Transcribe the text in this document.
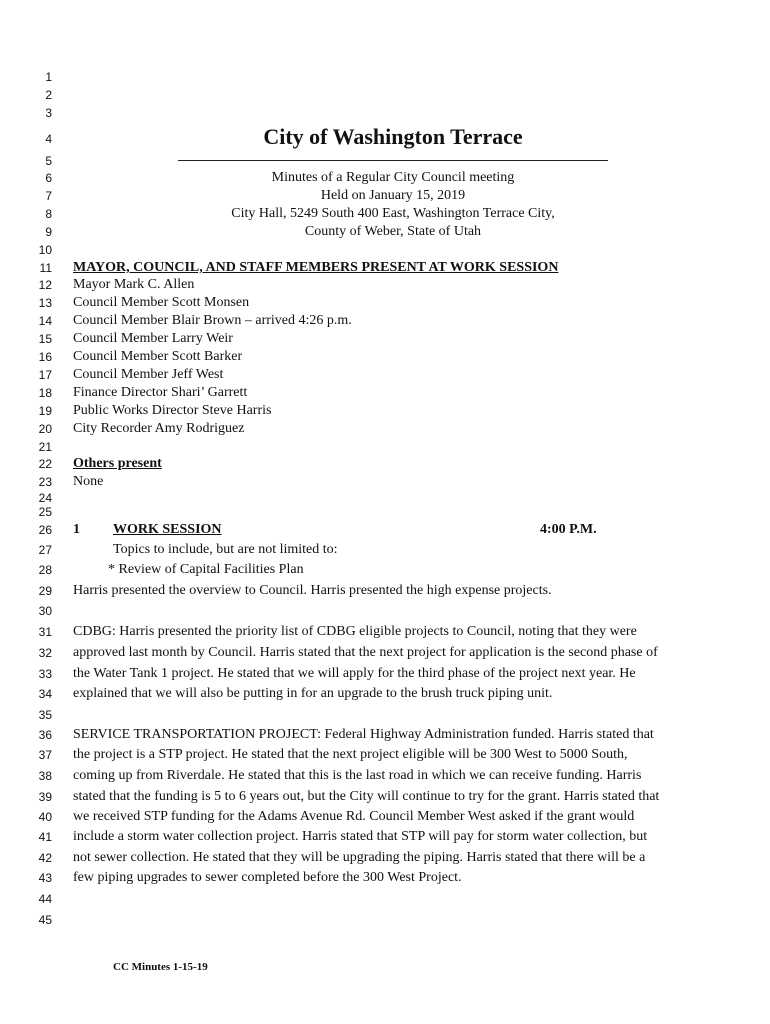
1
2
3
4	City of Washington Terrace
5
6	Minutes of a Regular City Council meeting
7	Held on January 15, 2019
8	City Hall, 5249 South 400 East, Washington Terrace City,
9	County of Weber, State of Utah
10
11 MAYOR, COUNCIL, AND STAFF MEMBERS PRESENT AT WORK SESSION
12 Mayor Mark C. Allen
13 Council Member Scott Monsen
14 Council Member Blair Brown – arrived 4:26 p.m.
15 Council Member Larry Weir
16 Council Member Scott Barker
17 Council Member Jeff West
18 Finance Director Shari’ Garrett
19 Public Works Director Steve Harris
20 City Recorder Amy Rodriguez
21
22 Others present
23 None
24
25
26 1 WORK SESSION	4:00 P.M.
27	Topics to include, but are not limited to:
28	* Review of Capital Facilities Plan
29 Harris presented the overview to Council. Harris presented the high expense projects.
30
31 CDBG: Harris presented the priority list of CDBG eligible projects to Council, noting that they were
32 approved last month by Council. Harris stated that the next project for application is the second phase of
33 the Water Tank 1 project. He stated that we will apply for the third phase of the project next year. He
34 explained that we will also be putting in for an upgrade to the brush truck piping unit.
35
36 SERVICE TRANSPORTATION PROJECT: Federal Highway Administration funded. Harris stated that
37 the project is a STP project. He stated that the next project eligible will be 300 West to 5000 South,
38 coming up from Riverdale. He stated that this is the last road in which we can receive funding. Harris
39 stated that the funding is 5 to 6 years out, but the City will continue to try for the grant. Harris stated that
40 we received STP funding for the Adams Avenue Rd. Council Member West asked if the grant would
41 include a storm water collection project. Harris stated that STP will pay for storm water collection, but
42 not sewer collection. He stated that they will be upgrading the piping. Harris stated that there will be a
43 few piping upgrades to sewer completed before the 300 West Project.
44
45
CC Minutes 1-15-19
